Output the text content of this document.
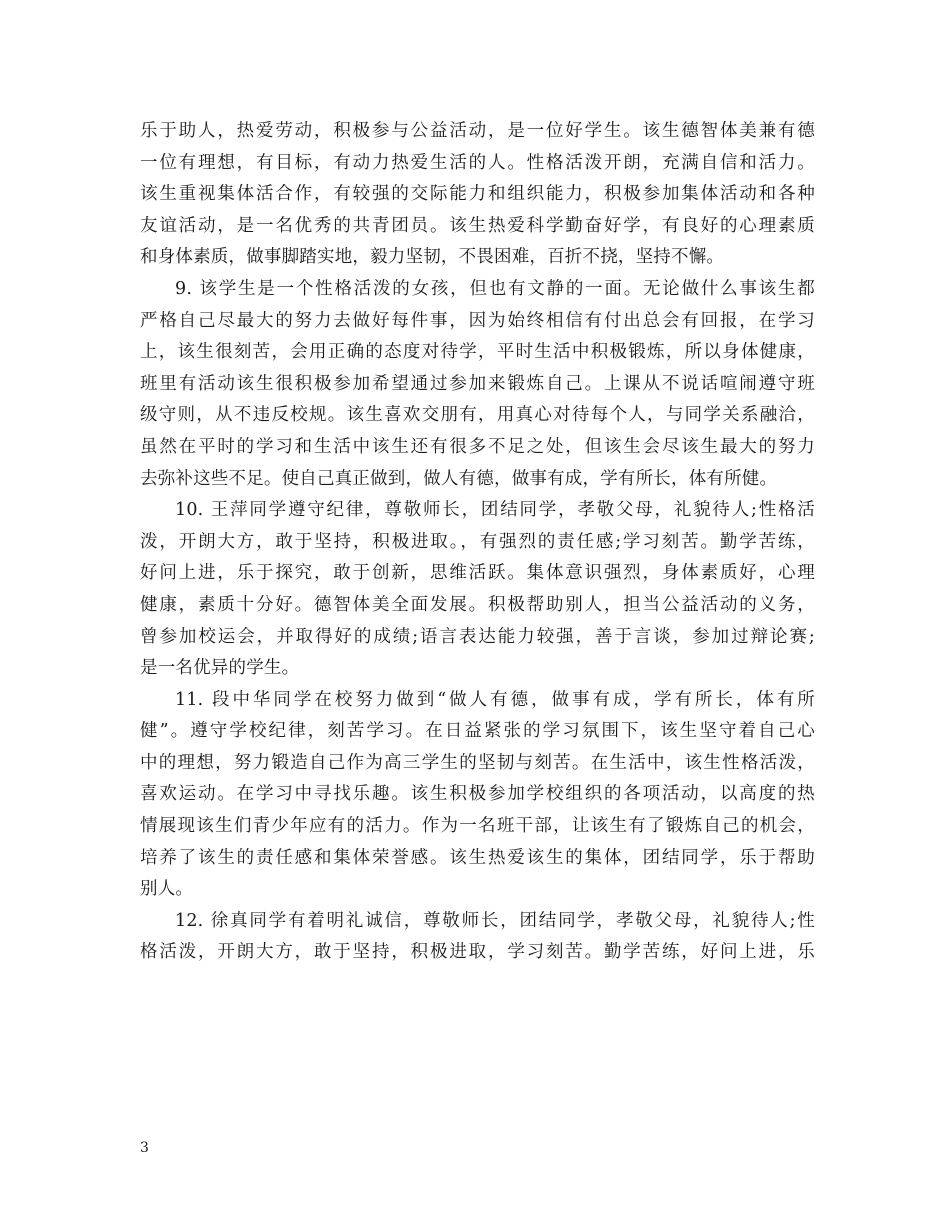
乐于助人，热爱劳动，积极参与公益活动，是一位好学生。该生德智体美兼有德
一位有理想，有目标，有动力热爱生活的人。性格活泼开朗，充满自信和活力。
该生重视集体活合作，有较强的交际能力和组织能力，积极参加集体活动和各种
友谊活动，是一名优秀的共青团员。该生热爱科学勤奋好学，有良好的心理素质
和身体素质，做事脚踏实地，毅力坚韧，不畏困难，百折不挠，坚持不懈。
9. 该学生是一个性格活泼的女孩，但也有文静的一面。无论做什么事该生都
严格自己尽最大的努力去做好每件事，因为始终相信有付出总会有回报，在学习
上，该生很刻苦，会用正确的态度对待学，平时生活中积极锻炼，所以身体健康，
班里有活动该生很积极参加希望通过参加来锻炼自己。上课从不说话喧闹遵守班
级守则，从不违反校规。该生喜欢交朋有，用真心对待每个人，与同学关系融洽，
虽然在平时的学习和生活中该生还有很多不足之处，但该生会尽该生最大的努力
去弥补这些不足。使自己真正做到，做人有德，做事有成，学有所长，体有所健。
10. 王萍同学遵守纪律，尊敬师长，团结同学，孝敬父母，礼貌待人;性格活
泼，开朗大方，敢于坚持，积极进取。，有强烈的责任感;学习刻苦。勤学苦练，
好问上进，乐于探究，敢于创新，思维活跃。集体意识强烈，身体素质好，心理
健康，素质十分好。德智体美全面发展。积极帮助别人，担当公益活动的义务，
曾参加校运会，并取得好的成绩;语言表达能力较强，善于言谈，参加过辩论赛;
是一名优异的学生。
11. 段中华同学在校努力做到“做人有德，做事有成，学有所长，体有所
健”。遵守学校纪律，刻苦学习。在日益紧张的学习氛围下，该生坚守着自己心
中的理想，努力锻造自己作为高三学生的坚韧与刻苦。在生活中，该生性格活泼，
喜欢运动。在学习中寻找乐趣。该生积极参加学校组织的各项活动，以高度的热
情展现该生们青少年应有的活力。作为一名班干部，让该生有了锻炼自己的机会，
培养了该生的责任感和集体荣誉感。该生热爱该生的集体，团结同学，乐于帮助
别人。
12. 徐真同学有着明礼诚信，尊敬师长，团结同学，孝敬父母，礼貌待人;性
格活泼，开朗大方，敢于坚持，积极进取，学习刻苦。勤学苦练，好问上进，乐
3
